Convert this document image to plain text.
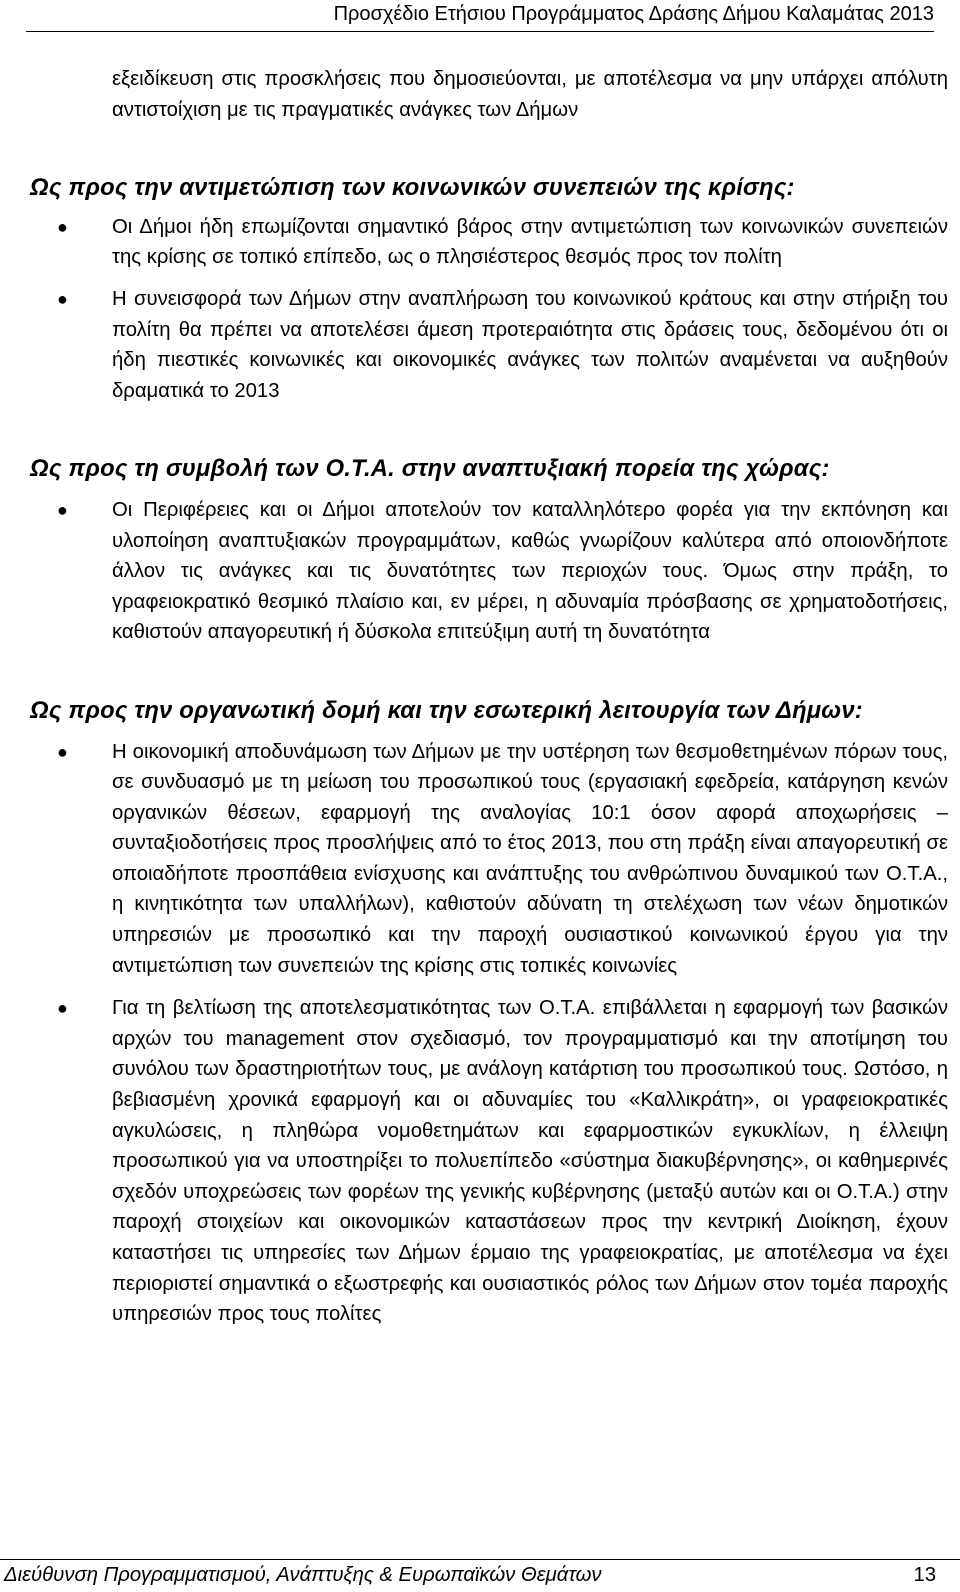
Προσχέδιο Ετήσιου Προγράμματος Δράσης Δήμου Καλαμάτας 2013

εξειδίκευση στις προσκλήσεις που δημοσιεύονται, με αποτέλεσμα να μην υπάρχει απόλυτη αντιστοίχιση με τις πραγματικές ανάγκες των Δήμων

Ως προς την αντιμετώπιση των κοινωνικών συνεπειών της κρίσης:
● Οι Δήμοι ήδη επωμίζονται σημαντικό βάρος στην αντιμετώπιση των κοινωνικών συνεπειών της κρίσης σε τοπικό επίπεδο, ως ο πλησιέστερος θεσμός προς τον πολίτη
● Η συνεισφορά των Δήμων στην αναπλήρωση του κοινωνικού κράτους και στην στήριξη του πολίτη θα πρέπει να αποτελέσει άμεση προτεραιότητα στις δράσεις τους, δεδομένου ότι οι ήδη πιεστικές κοινωνικές και οικονομικές ανάγκες των πολιτών αναμένεται να αυξηθούν δραματικά το 2013
Ως προς τη συμβολή των Ο.Τ.Α. στην αναπτυξιακή πορεία της χώρας:
● Οι Περιφέρειες και οι Δήμοι αποτελούν τον καταλληλότερο φορέα για την εκπόνηση και υλοποίηση αναπτυξιακών προγραμμάτων, καθώς γνωρίζουν καλύτερα από οποιονδήποτε άλλον τις ανάγκες και τις δυνατότητες των περιοχών τους. Όμως στην πράξη, το γραφειοκρατικό θεσμικό πλαίσιο και, εν μέρει, η αδυναμία πρόσβασης σε χρηματοδοτήσεις, καθιστούν απαγορευτική ή δύσκολα επιτεύξιμη αυτή τη δυνατότητα
Ως προς την οργανωτική δομή και την εσωτερική λειτουργία των Δήμων:
● Η οικονομική αποδυνάμωση των Δήμων με την υστέρηση των θεσμοθετημένων πόρων τους, σε συνδυασμό με τη μείωση του προσωπικού τους (εργασιακή εφεδρεία, κατάργηση κενών οργανικών θέσεων, εφαρμογή της αναλογίας 10:1 όσον αφορά αποχωρήσεις – συνταξιοδοτήσεις προς προσλήψεις από το έτος 2013, που στη πράξη είναι απαγορευτική σε οποιαδήποτε προσπάθεια ενίσχυσης και ανάπτυξης του ανθρώπινου δυναμικού των Ο.Τ.Α., η κινητικότητα των υπαλλήλων), καθιστούν αδύνατη τη στελέχωση των νέων δημοτικών υπηρεσιών με προσωπικό και την παροχή ουσιαστικού κοινωνικού έργου για την αντιμετώπιση των συνεπειών της κρίσης στις τοπικές κοινωνίες
● Για τη βελτίωση της αποτελεσματικότητας των Ο.Τ.Α. επιβάλλεται η εφαρμογή των βασικών αρχών του management στον σχεδιασμό, τον προγραμματισμό και την αποτίμηση του συνόλου των δραστηριοτήτων τους, με ανάλογη κατάρτιση του προσωπικού τους. Ωστόσο, η βεβιασμένη χρονικά εφαρμογή και οι αδυναμίες του «Καλλικράτη», οι γραφειοκρατικές αγκυλώσεις, η πληθώρα νομοθετημάτων και εφαρμοστικών εγκυκλίων, η έλλειψη προσωπικού για να υποστηρίξει το πολυεπίπεδο «σύστημα διακυβέρνησης», οι καθημερινές σχεδόν υποχρεώσεις των φορέων της γενικής κυβέρνησης (μεταξύ αυτών και οι Ο.Τ.Α.) στην παροχή στοιχείων και οικονομικών καταστάσεων προς την κεντρική Διοίκηση, έχουν καταστήσει τις υπηρεσίες των Δήμων έρμαιο της γραφειοκρατίας, με αποτέλεσμα να έχει περιοριστεί σημαντικά ο εξωστρεφής και ουσιαστικός ρόλος των Δήμων στον τομέα παροχής υπηρεσιών προς τους πολίτες
Διεύθυνση Προγραμματισμού, Ανάπτυξης & Ευρωπαϊκών Θεμάτων	13
